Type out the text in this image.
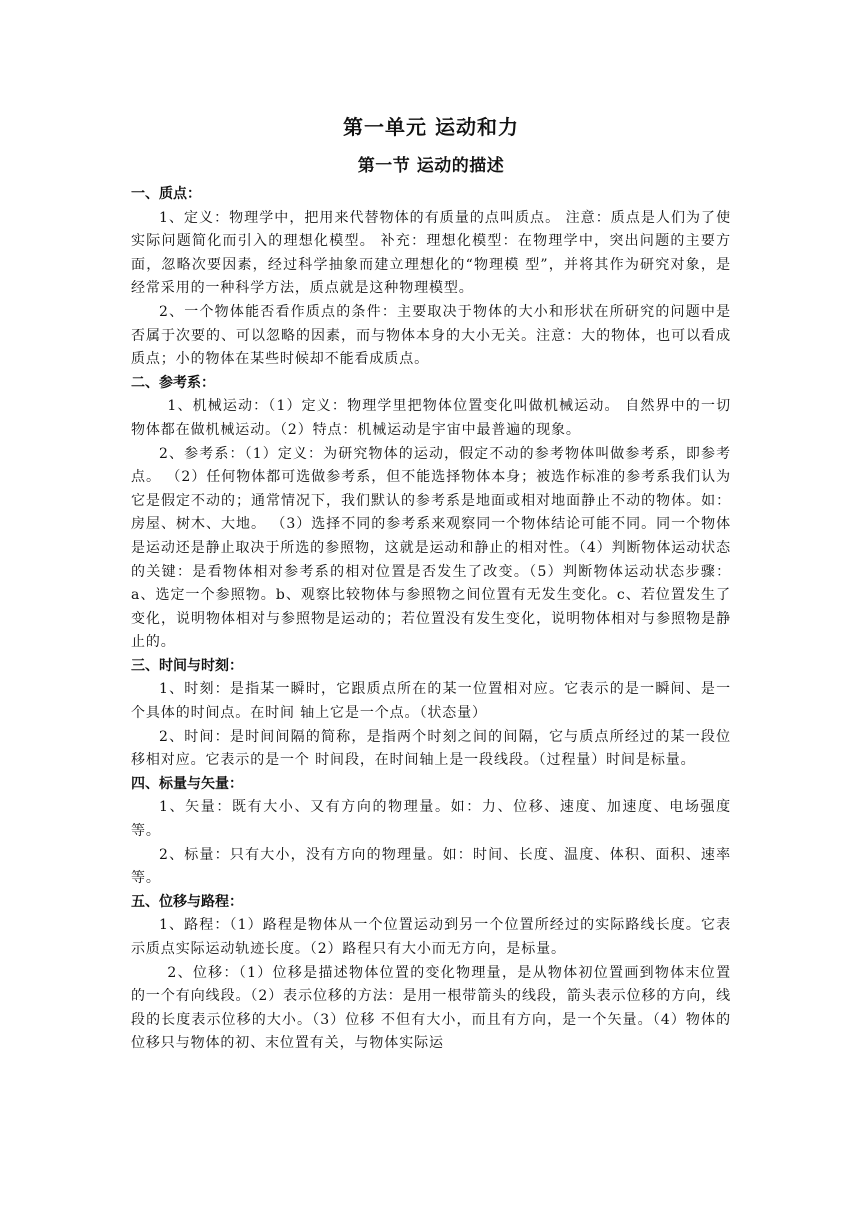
第一单元 运动和力
第一节 运动的描述

一、质点：

1、定义：物理学中，把用来代替物体的有质量的点叫质点。 注意：质点是人们为了使实际问题简化而引入的理想化模型。 补充：理想化模型：在物理学中，突出问题的主要方面，忽略次要因素，经过科学抽象而建立理想化的“物理模 型”，并将其作为研究对象，是经常采用的一种科学方法，质点就是这种物理模型。

2、一个物体能否看作质点的条件：主要取决于物体的大小和形状在所研究的问题中是否属于次要的、可以忽略的因素，而与物体本身的大小无关。注意：大的物体，也可以看成质点；小的物体在某些时候却不能看成质点。

二、参考系：

1、机械运动：（1）定义：物理学里把物体位置变化叫做机械运动。 自然界中的一切物体都在做机械运动。（2）特点：机械运动是宇宙中最普遍的现象。

2、参考系：（1）定义：为研究物体的运动，假定不动的参考物体叫做参考系，即参考点。 （2）任何物体都可选做参考系，但不能选择物体本身；被选作标准的参考系我们认为它是假定不动的；通常情况下，我们默认的参考系是地面或相对地面静止不动的物体。如：房屋、树木、大地。 （3）选择不同的参考系来观察同一个物体结论可能不同。同一个物体是运动还是静止取决于所选的参照物，这就是运动和静止的相对性。（4）判断物体运动状态的关键：是看物体相对参考系的相对位置是否发生了改变。（5）判断物体运动状态步骤：a、选定一个参照物。b、观察比较物体与参照物之间位置有无发生变化。c、若位置发生了变化，说明物体相对与参照物是运动的；若位置没有发生变化，说明物体相对与参照物是静止的。

三、时间与时刻：

1、时刻：是指某一瞬时，它跟质点所在的某一位置相对应。它表示的是一瞬间、是一个具体的时间点。在时间 轴上它是一个点。（状态量）

2、时间：是时间间隔的简称，是指两个时刻之间的间隔，它与质点所经过的某一段位移相对应。它表示的是一个 时间段，在时间轴上是一段线段。（过程量）时间是标量。

四、标量与矢量：

1、矢量：既有大小、又有方向的物理量。如：力、位移、速度、加速度、电场强度等。

2、标量：只有大小，没有方向的物理量。如：时间、长度、温度、体积、面积、速率等。

五、位移与路程：

1、路程：（1）路程是物体从一个位置运动到另一个位置所经过的实际路线长度。它表示质点实际运动轨迹长度。（2）路程只有大小而无方向，是标量。

2、位移：（1）位移是描述物体位置的变化物理量，是从物体初位置画到物体末位置的一个有向线段。（2）表示位移的方法：是用一根带箭头的线段，箭头表示位移的方向，线段的长度表示位移的大小。（3）位移 不但有大小，而且有方向，是一个矢量。（4）物体的位移只与物体的初、末位置有关，与物体实际运
